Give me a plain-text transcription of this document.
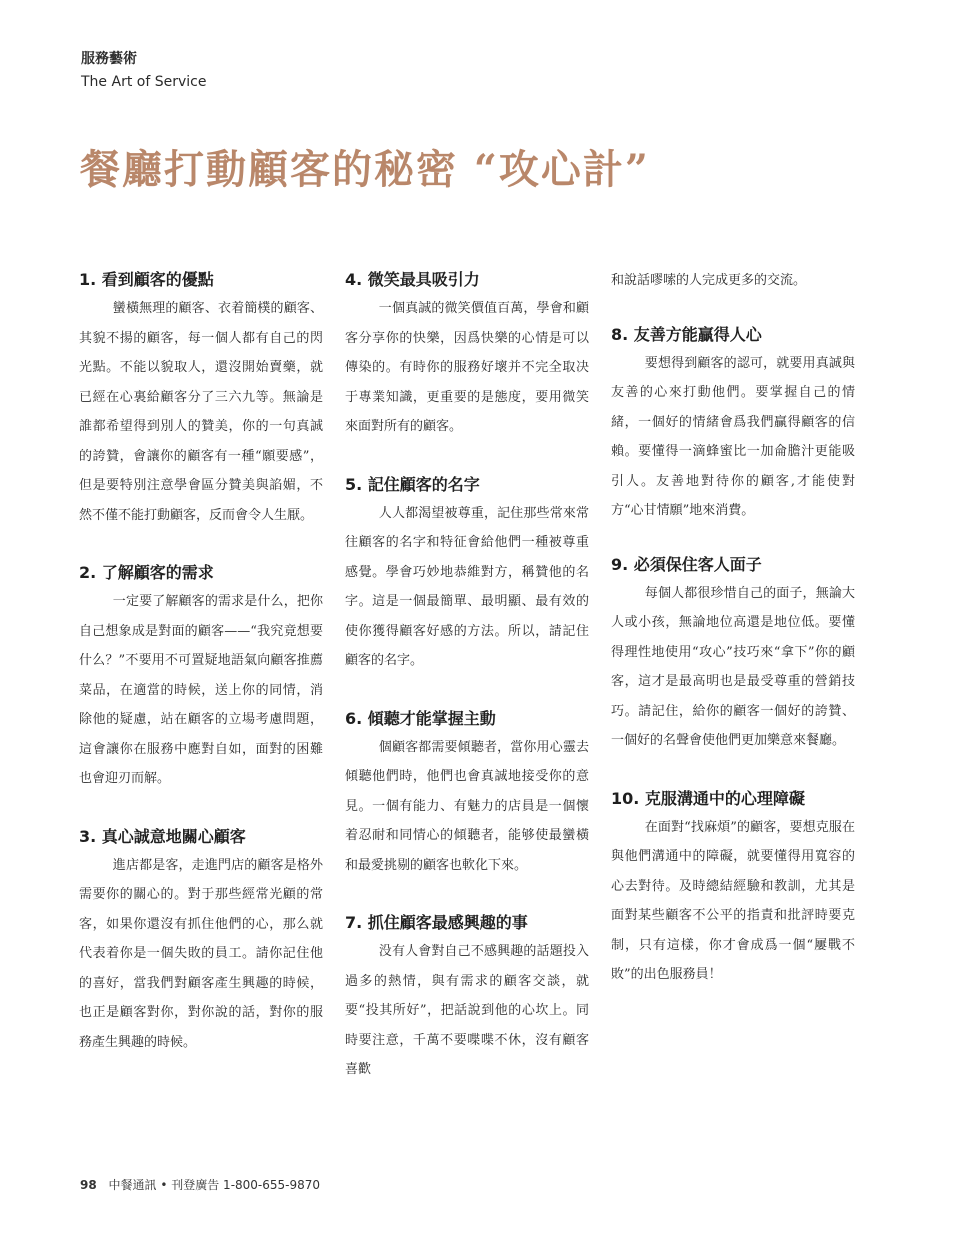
服務藝術
The Art of Service
餐廳打動顧客的秘密 “攻心計”
1. 看到顧客的優點
蠻橫無理的顧客、衣着簡樸的顧客、其貌不揚的顧客，每一個人都有自己的閃光點。不能以貌取人，還沒開始賣藥，就已經在心裏給顧客分了三六九等。無論是誰都希望得到別人的贊美，你的一句真誠的誇贊，會讓你的顧客有一種“願要感”，但是要特別注意學會區分贊美與諂媚，不然不僅不能打動顧客，反而會令人生厭。
2. 了解顧客的需求
一定要了解顧客的需求是什么，把你自己想象成是對面的顧客——“我究竟想要什么？”不要用不可置疑地語氣向顧客推薦菜品，在適當的時候，送上你的同情，消除他的疑慮，站在顧客的立場考慮問題，這會讓你在服務中應對自如，面對的困難也會迎刃而解。
3. 真心誠意地關心顧客
進店都是客，走進門店的顧客是格外需要你的關心的。對于那些經常光顧的常客，如果你還沒有抓住他們的心，那么就代表着你是一個失敗的員工。請你記住他的喜好，當我們對顧客產生興趣的時候，也正是顧客對你，對你說的話，對你的服務產生興趣的時候。
4. 微笑最具吸引力
一個真誠的微笑價值百萬，學會和顧客分享你的快樂，因爲快樂的心情是可以傳染的。有時你的服務好壞并不完全取决于專業知識，更重要的是態度，要用微笑來面對所有的顧客。
5. 記住顧客的名字
人人都渴望被尊重，記住那些常來常往顧客的名字和特征會給他們一種被尊重感覺。學會巧妙地恭維對方，稱贊他的名字。這是一個最簡單、最明顯、最有效的使你獲得顧客好感的方法。所以，請記住顧客的名字。
6. 傾聽才能掌握主動
個顧客都需要傾聽者，當你用心靈去傾聽他們時，他們也會真誠地接受你的意見。一個有能力、有魅力的店員是一個懷着忍耐和同情心的傾聽者，能够使最蠻橫和最愛挑剔的顧客也軟化下來。
7. 抓住顧客最感興趣的事
没有人會對自己不感興趣的話題投入過多的熱情，與有需求的顧客交談，就要“投其所好”，把話說到他的心坎上。同時要注意，千萬不要喋喋不休，沒有顧客喜歡
和說話嘐嗦的人完成更多的交流。
8. 友善方能贏得人心
要想得到顧客的認可，就要用真誠與友善的心來打動他們。要掌握自己的情緒，一個好的情緒會爲我們贏得顧客的信賴。要懂得一滴蜂蜜比一加侖膽汁更能吸引人。友善地對待你的顧客,才能使對方“心甘情願”地來消費。
9. 必須保住客人面子
每個人都很珍惜自己的面子，無論大人或小孩，無論地位高還是地位低。要懂得理性地使用“攻心”技巧來“拿下”你的顧客，這才是最高明也是最受尊重的營銷技巧。請記住，給你的顧客一個好的誇贊、一個好的名聲會使他們更加樂意來餐廳。
10. 克服溝通中的心理障礙
在面對“找麻煩”的顧客，要想克服在與他們溝通中的障礙，就要懂得用寬容的心去對待。及時總結經驗和教訓，尤其是面對某些顧客不公平的指責和批評時要克制，只有這樣，你才會成爲一個“屢戰不敗”的出色服務員！
98 中餐通訊 • 刊登廣告 1-800-655-9870
